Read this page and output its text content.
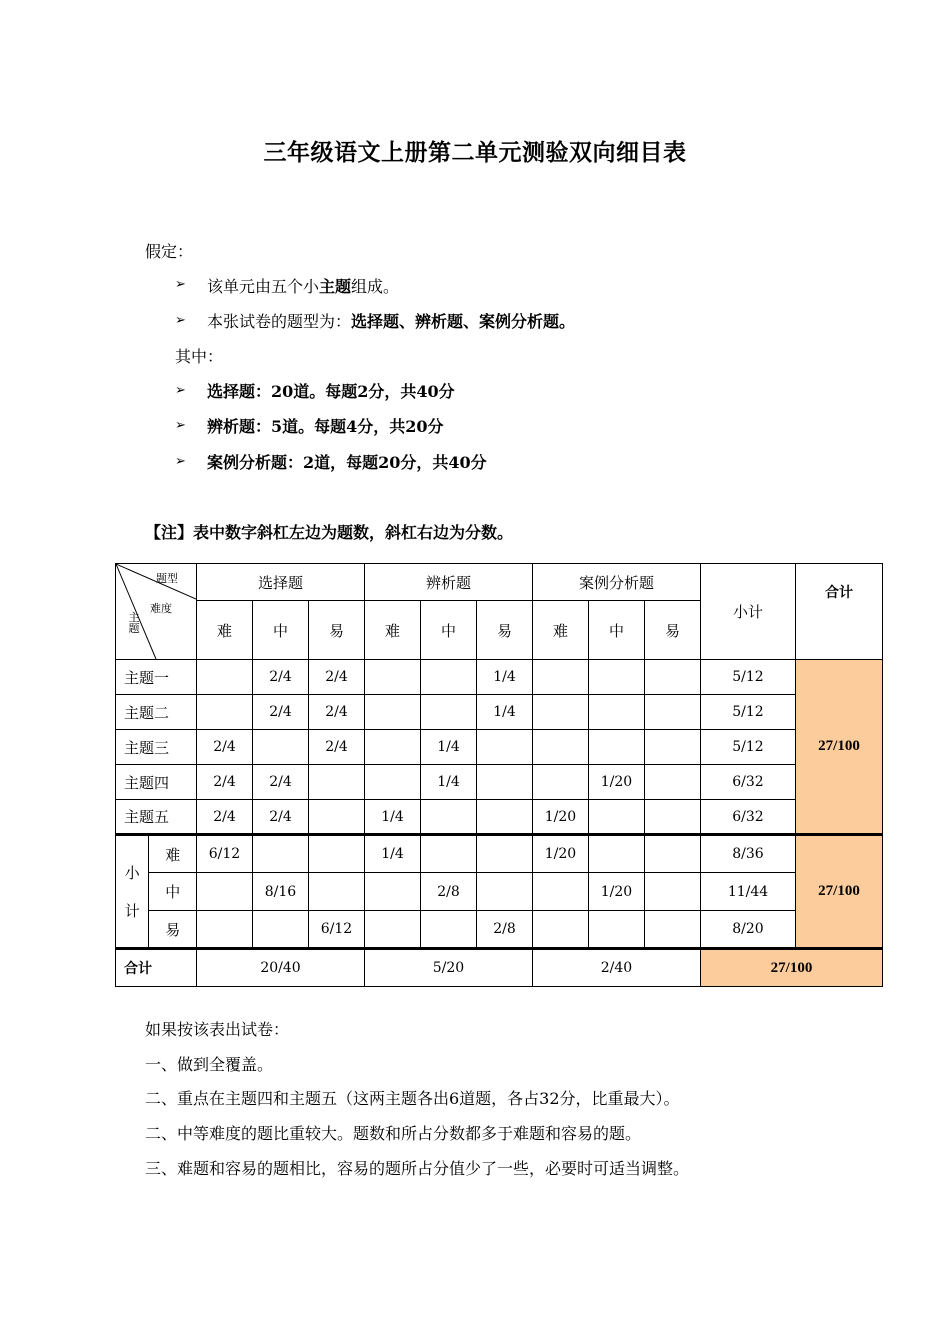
三年级语文上册第二单元测验双向细目表
假定：
➢ 该单元由五个小主题组成。
➢ 本张试卷的题型为：选择题、辨析题、案例分析题。
其中：
➢ 选择题：20道。每题2分，共40分
➢ 辨析题：5道。每题4分，共20分
➢ 案例分析题：2道，每题20分，共40分
【注】表中数字斜杠左边为题数，斜杠右边为分数。
题型
难度
主题		选择题			辨析题			案例分析题			小计	合计
		难	中	易	难	中	易	难	中	易		
主题一			2/4	2/4			1/4				5/12	27/100
主题二			2/4	2/4			1/4				5/12	
主题三		2/4		2/4		1/4					5/12	
主题四		2/4	2/4			1/4			1/20		6/32	
主题五		2/4	2/4		1/4			1/20			6/32	

小
计	难	6/12			1/4			1/20			8/36	27/100
	中		8/16			2/8			1/20		11/44	
	易			6/12			2/8				8/20	
合计		20/40			5/20			2/40			27/100	
如果按该表出试卷：
一、做到全覆盖。
二、重点在主题四和主题五（这两主题各出6道题，各占32分，比重最大）。
二、中等难度的题比重较大。题数和所占分数都多于难题和容易的题。
三、难题和容易的题相比，容易的题所占分值少了一些，必要时可适当调整。
